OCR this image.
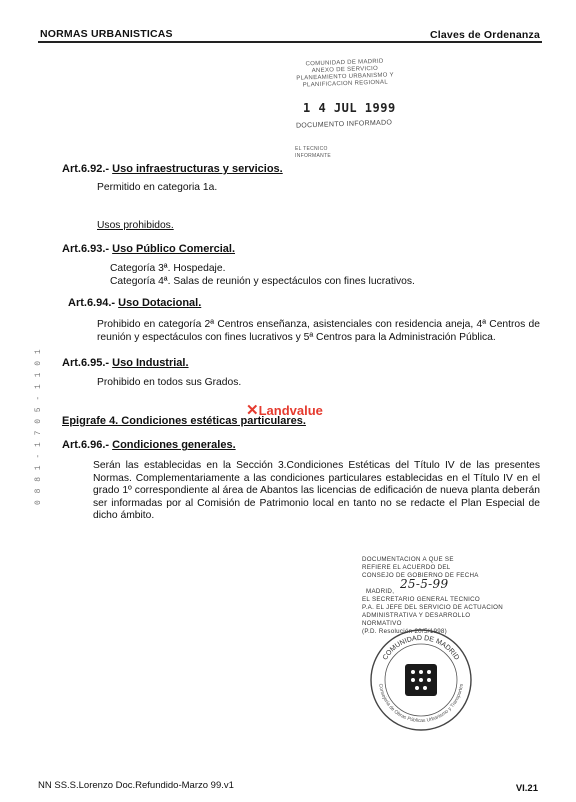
NORMAS URBANISTICAS	Claves de Ordenanza
COMUNIDAD DE MADRID
ANEXO DE SERVICIO
PLANEAMIENTO URBANISMO Y
PLANIFICACION REGIONAL
1 4 JUL 1999
DOCUMENTO INFORMADO
EL TECNICO
INFORMANTE
Art.6.92.- Uso infraestructuras y servicios.
Permitido en categoria 1a.
Usos prohibidos.
Art.6.93.- Uso Público Comercial.
Categoría 3ª. Hospedaje.
Categoría 4ª. Salas de reunión y espectáculos con fines lucrativos.
Art.6.94.- Uso Dotacional.
Prohibido en categoría 2ª Centros enseñanza, asistenciales con residencia aneja, 4ª Centros de reunión y espectáculos con fines lucrativos y 5ª Centros para la Administración Pública.
Art.6.95.- Uso Industrial.
Prohibido en todos sus Grados.
0 8 8 1 - 1 7 0 5 - 1 1 0 1	✕Landvalue
Epigrafe 4. Condiciones estéticas particulares.
Art.6.96.- Condiciones generales.
Serán las establecidas en la Sección 3.Condiciones Estéticas del Título IV de las presentes Normas. Complementariamente a las condiciones particulares establecidas en el Título IV en el grado 1º correspondiente al área de Abantos las licencias de edificación de nueva planta deberán ser informadas por al Comisión de Patrimonio local en tanto no se redacte el Plan Especial de dicho ámbito.
DOCUMENTACION A QUE SE
REFIERE EL ACUERDO DEL
CONSEJO DE GOBIERNO DE FECHA
MADRID,
25-5-99
EL SECRETARIO GENERAL TECNICO
P.A. EL JEFE DEL SERVICIO DE ACTUACION
ADMINISTRATIVA Y DESARROLLO
NORMATIVO
(P.D. Resolución 20/5/1998)
COMUNIDAD DE MADRID
Consejería de Obras Públicas Urbanismo y Transportes
NN SS.S.Lorenzo Doc.Refundido-Marzo 99.v1	VI.21
